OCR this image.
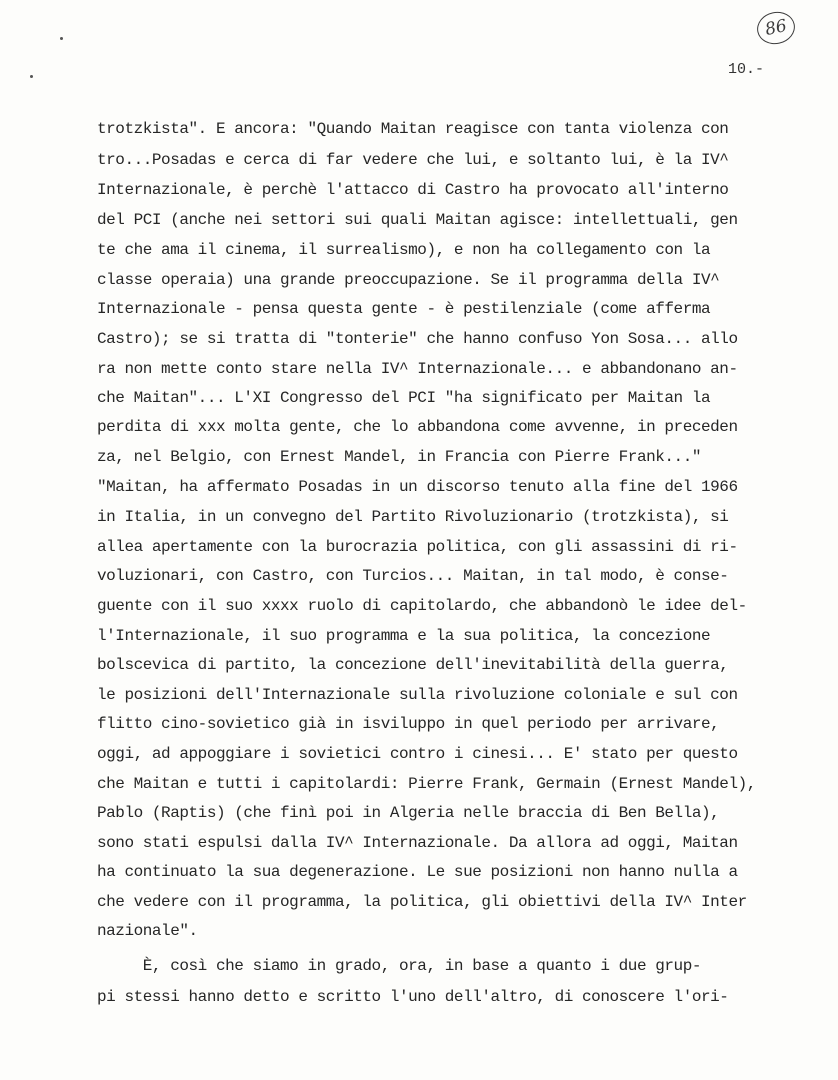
86
10.-

trotzkista". E ancora: "Quando Maitan reagisce con tanta violenza con

tro...Posadas e cerca di far vedere che lui, e soltanto lui, è la IV^

Internazionale, è perchè l'attacco di Castro ha provocato all'interno

del PCI (anche nei settori sui quali Maitan agisce: intellettuali, gen

te che ama il cinema, il surrealismo), e non ha collegamento con la

classe operaia) una grande preoccupazione. Se il programma della IV^

Internazionale - pensa questa gente - è pestilenziale (come afferma

Castro); se si tratta di "tonterie" che hanno confuso Yon Sosa... allo

ra non mette conto stare nella IV^ Internazionale... e abbandonano an-

che Maitan"... L'XI Congresso del PCI "ha significato per Maitan la

perdita di xxx molta gente, che lo abbandona come avvenne, in preceden

za, nel Belgio, con Ernest Mandel, in Francia con Pierre Frank..."

"Maitan, ha affermato Posadas in un discorso tenuto alla fine del 1966

in Italia, in un convegno del Partito Rivoluzionario (trotzkista), si

allea apertamente con la burocrazia politica, con gli assassini di ri-

voluzionari, con Castro, con Turcios... Maitan, in tal modo, è conse-

guente con il suo xxxx ruolo di capitolardo, che abbandonò le idee del-

l'Internazionale, il suo programma e la sua politica, la concezione

bolscevica di partito, la concezione dell'inevitabilità della guerra,

le posizioni dell'Internazionale sulla rivoluzione coloniale e sul con

flitto cino-sovietico già in isviluppo in quel periodo per arrivare,

oggi, ad appoggiare i sovietici contro i cinesi... E' stato per questo

che Maitan e tutti i capitolardi: Pierre Frank, Germain (Ernest Mandel),

Pablo (Raptis) (che finì poi in Algeria nelle braccia di Ben Bella),

sono stati espulsi dalla IV^ Internazionale. Da allora ad oggi, Maitan

ha continuato la sua degenerazione. Le sue posizioni non hanno nulla a

che vedere con il programma, la politica, gli obiettivi della IV^ Inter

nazionale".

È, così che siamo in grado, ora, in base a quanto i due grup-

pi stessi hanno detto e scritto l'uno dell'altro, di conoscere l'ori-
